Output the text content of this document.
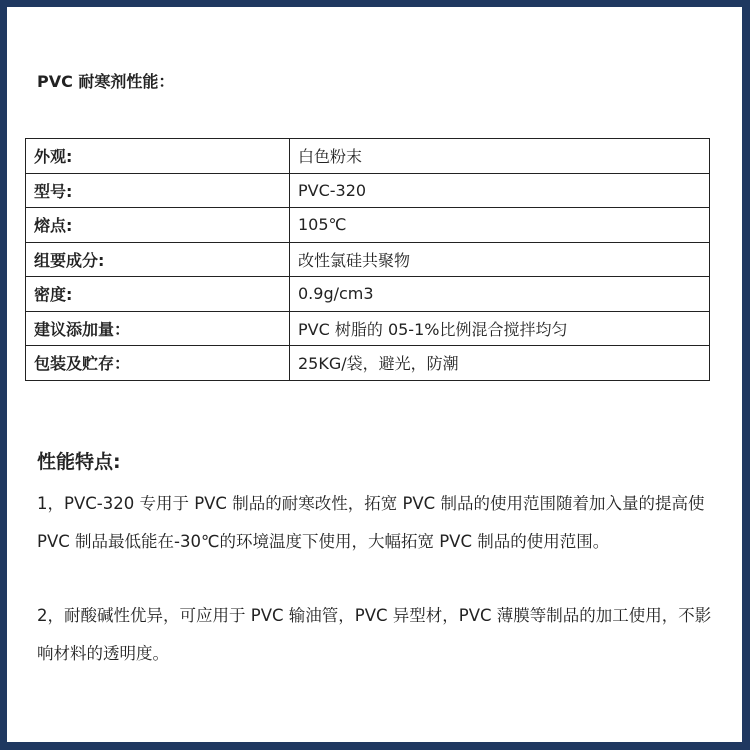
PVC 耐寒剂性能：
外观:	白色粉末
型号:	PVC-320
熔点:	105℃
组要成分:	改性氯硅共聚物
密度:	0.9g/cm3
建议添加量：	PVC 树脂的 05-1%比例混合搅拌均匀
包装及贮存：	25KG/袋，避光，防潮
性能特点:

1，PVC-320 专用于 PVC 制品的耐寒改性，拓宽 PVC 制品的使用范围随着加入量的提高使 PVC 制品最低能在-30℃的环境温度下使用，大幅拓宽 PVC 制品的使用范围。

2，耐酸碱性优异，可应用于 PVC 输油管，PVC 异型材，PVC 薄膜等制品的加工使用，不影响材料的透明度。
